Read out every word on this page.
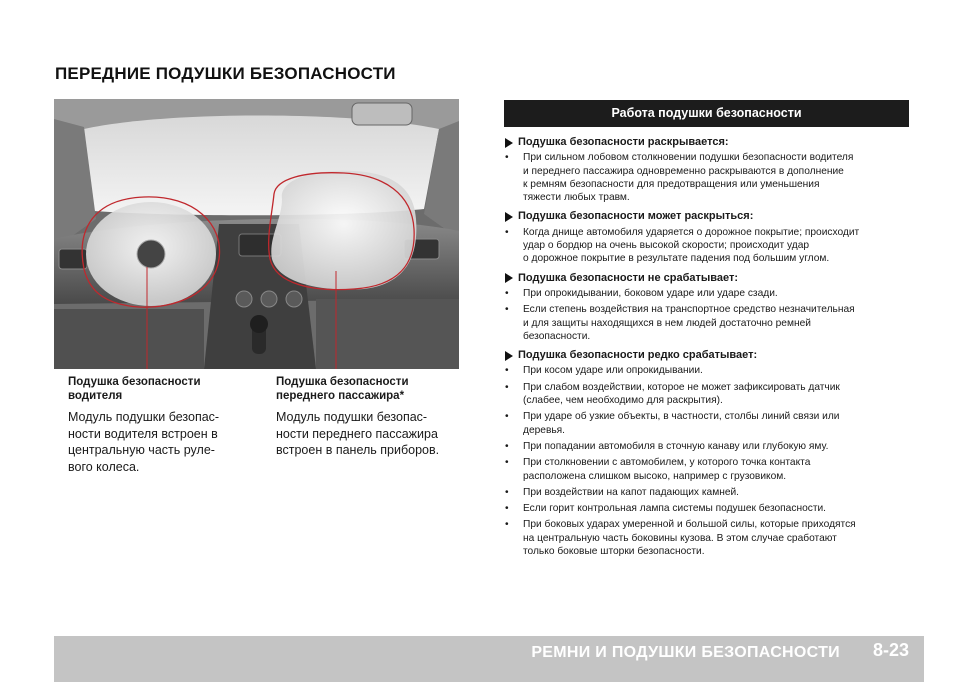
ПЕРЕДНИЕ ПОДУШКИ БЕЗОПАСНОСТИ
Подушка безопасности
водителя
Модуль подушки безопас-
ности водителя встроен в
центральную часть руле-
вого колеса.
Подушка безопасности
переднего пассажира*
Модуль подушки безопас-
ности переднего пассажира
встроен в панель приборов.
Работа подушки безопасности
Подушка безопасности раскрывается:
•	При сильном лобовом столкновении подушки безопасности водителя
и переднего пассажира одновременно раскрываются в дополнение
к ремням безопасности для предотвращения или уменьшения
тяжести любых травм.
Подушка безопасности может раскрыться:
•	Когда днище автомобиля ударяется о дорожное покрытие; происходит
удар о бордюр на очень высокой скорости; происходит удар
о дорожное покрытие в результате падения под большим углом.
Подушка безопасности не срабатывает:
•	При опрокидывании, боковом ударе или ударе сзади.
•	Если степень воздействия на транспортное средство незначительная
и для защиты находящихся в нем людей достаточно ремней
безопасности.
Подушка безопасности редко срабатывает:
•	При косом ударе или опрокидывании.
•	При слабом воздействии, которое не может зафиксировать датчик
(слабее, чем необходимо для раскрытия).
•	При ударе об узкие объекты, в частности, столбы линий связи или
деревья.
•	При попадании автомобиля в сточную канаву или глубокую яму.
•	При столкновении с автомобилем, у которого точка контакта
расположена слишком высоко, например с грузовиком.
•	При воздействии на капот падающих камней.
•	Если горит контрольная лампа системы подушек безопасности.
•	При боковых ударах умеренной и большой силы, которые приходятся
на центральную часть боковины кузова. В этом случае сработают
только боковые шторки безопасности.
РЕМНИ И ПОДУШКИ БЕЗОПАСНОСТИ 8-23
